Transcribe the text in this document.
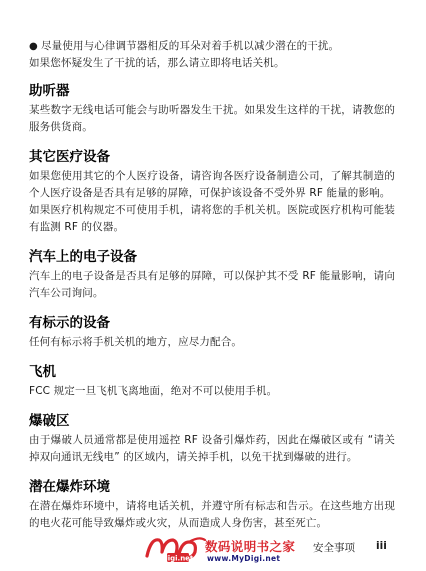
● 尽量使用与心律调节器相反的耳朵对着手机以减少潜在的干扰。

如果您怀疑发生了干扰的话，那么请立即将电话关机。

助听器

某些数字无线电话可能会与助听器发生干扰。如果发生这样的干扰，请教您的服务供货商。

其它医疗设备

如果您使用其它的个人医疗设备，请咨询各医疗设备制造公司，了解其制造的个人医疗设备是否具有足够的屏障，可保护该设备不受外界 RF 能量的影响。

如果医疗机构规定不可使用手机，请将您的手机关机。医院或医疗机构可能装有监测 RF 的仪器。

汽车上的电子设备

汽车上的电子设备是否具有足够的屏障，可以保护其不受 RF 能量影响，请向汽车公司询问。

有标示的设备

任何有标示将手机关机的地方，应尽力配合。

飞机

FCC 规定一旦飞机飞离地面，绝对不可以使用手机。

爆破区

由于爆破人员通常都是使用遥控 RF 设备引爆炸药，因此在爆破区或有 “请关掉双向通讯无线电” 的区域内，请关掉手机，以免干扰到爆破的进行。

潜在爆炸环境

在潜在爆炸环境中，请将电话关机，并遵守所有标志和告示。在这些地方出现的电火花可能导致爆炸或火灾，从而造成人身伤害，甚至死亡。

digi.net
数码说明书之家
www.MyDigi.net
安全事项 iii
